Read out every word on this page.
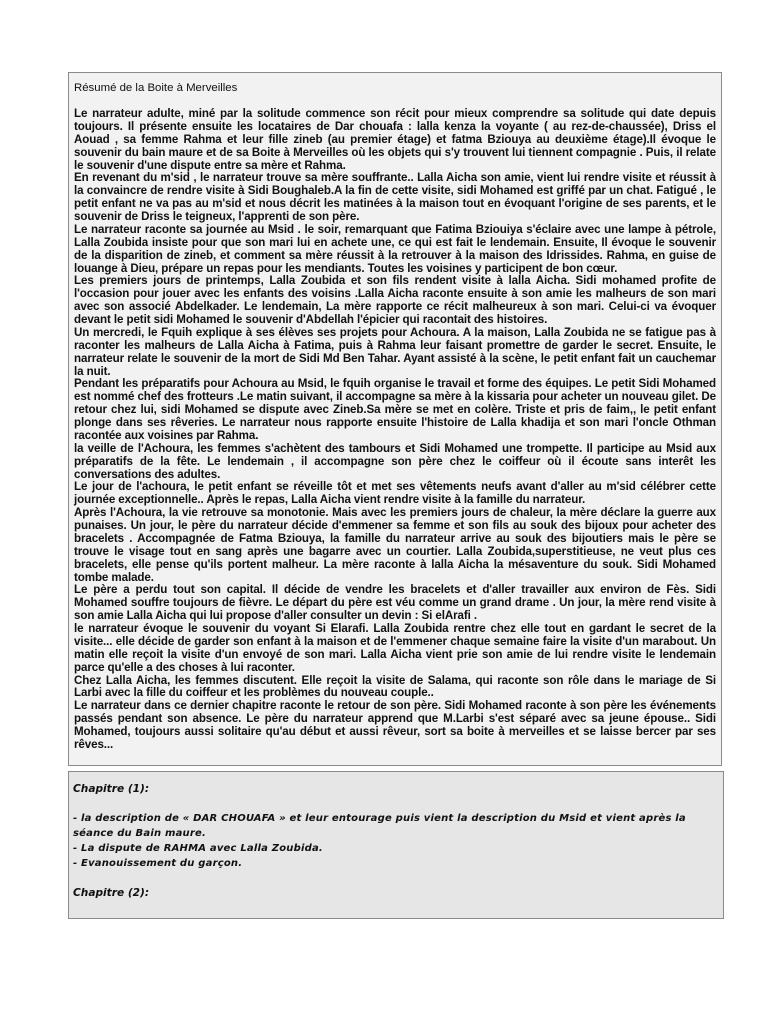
Résumé de la Boite à Merveilles

Le narrateur adulte, miné par la solitude commence son récit pour mieux comprendre sa solitude qui date depuis toujours. Il présente ensuite les locataires de Dar chouafa : lalla kenza la voyante ( au rez-de-chaussée), Driss el Aouad , sa femme Rahma et leur fille zineb (au premier étage) et fatma Bziouya au deuxième étage).Il évoque le souvenir du bain maure et de sa Boite à Merveilles où les objets qui s'y trouvent lui tiennent compagnie . Puis, il relate le souvenir d'une dispute entre sa mère et Rahma.

En revenant du m'sid , le narrateur trouve sa mère souffrante.. Lalla Aicha son amie, vient lui rendre visite et réussit à la convaincre de rendre visite à Sidi Boughaleb.A la fin de cette visite, sidi Mohamed est griffé par un chat. Fatigué , le petit enfant ne va pas au m'sid et nous décrit les matinées à la maison tout en évoquant l'origine de ses parents, et le souvenir de Driss le teigneux, l'apprenti de son père.

Le narrateur raconte sa journée au Msid . le soir, remarquant que Fatima Bziouiya s'éclaire avec une lampe à pétrole, Lalla Zoubida insiste pour que son mari lui en achete une, ce qui est fait le lendemain. Ensuite, Il évoque le souvenir de la disparition de zineb, et comment sa mère réussit à la retrouver à la maison des Idrissides. Rahma, en guise de louange à Dieu, prépare un repas pour les mendiants. Toutes les voisines y participent de bon cœur.

Les premiers jours de printemps, Lalla Zoubida et son fils rendent visite à lalla Aicha. Sidi mohamed profite de l'occasion pour jouer avec les enfants des voisins .Lalla Aicha raconte ensuite à son amie les malheurs de son mari avec son associé Abdelkader. Le lendemain, La mère rapporte ce récit malheureux à son mari. Celui-ci va évoquer devant le petit sidi Mohamed le souvenir d'Abdellah l'épicier qui racontait des histoires.

Un mercredi, le Fquih explique à ses élèves ses projets pour Achoura. A la maison, Lalla Zoubida ne se fatigue pas à raconter les malheurs de Lalla Aicha à Fatima, puis à Rahma leur faisant promettre de garder le secret. Ensuite, le narrateur relate le souvenir de la mort de Sidi Md Ben Tahar. Ayant assisté à la scène, le petit enfant fait un cauchemar la nuit.

Pendant les préparatifs pour Achoura au Msid, le fquih organise le travail et forme des équipes. Le petit Sidi Mohamed est nommé chef des frotteurs .Le matin suivant, il accompagne sa mère à la kissaria pour acheter un nouveau gilet. De retour chez lui, sidi Mohamed se dispute avec Zineb.Sa mère se met en colère. Triste et pris de faim,, le petit enfant plonge dans ses rêveries. Le narrateur nous rapporte ensuite l'histoire de Lalla khadija et son mari l'oncle Othman racontée aux voisines par Rahma.

la veille de l'Achoura, les femmes s'achètent des tambours et Sidi Mohamed une trompette. Il participe au Msid aux préparatifs de la fête. Le lendemain , il accompagne son père chez le coiffeur où il écoute sans interêt les conversations des adultes.

Le jour de l'achoura, le petit enfant se réveille tôt et met ses vêtements neufs avant d'aller au m'sid célébrer cette journée exceptionnelle.. Après le repas, Lalla Aicha vient rendre visite à la famille du narrateur.

Après l'Achoura, la vie retrouve sa monotonie. Mais avec les premiers jours de chaleur, la mère déclare la guerre aux punaises. Un jour, le père du narrateur décide d'emmener sa femme et son fils au souk des bijoux pour acheter des bracelets . Accompagnée de Fatma Bziouya, la famille du narrateur arrive au souk des bijoutiers mais le père se trouve le visage tout en sang après une bagarre avec un courtier. Lalla Zoubida,superstitieuse, ne veut plus ces bracelets, elle pense qu'ils portent malheur. La mère raconte à lalla Aicha la mésaventure du souk. Sidi Mohamed tombe malade.

Le père a perdu tout son capital. Il décide de vendre les bracelets et d'aller travailler aux environ de Fès. Sidi Mohamed souffre toujours de fièvre. Le départ du père est véu comme un grand drame . Un jour, la mère rend visite à son amie Lalla Aicha qui lui propose d'aller consulter un devin : Si elArafi .

le narrateur évoque le souvenir du voyant Si Elarafi. Lalla Zoubida rentre chez elle tout en gardant le secret de la visite... elle décide de garder son enfant à la maison et de l'emmener chaque semaine faire la visite d'un marabout. Un matin elle reçoit la visite d'un envoyé de son mari. Lalla Aicha vient prie son amie de lui rendre visite le lendemain parce qu'elle a des choses à lui raconter.

Chez Lalla Aicha, les femmes discutent. Elle reçoit la visite de Salama, qui raconte son rôle dans le mariage de Si Larbi avec la fille du coiffeur et les problèmes du nouveau couple..

Le narrateur dans ce dernier chapitre raconte le retour de son père. Sidi Mohamed raconte à son père les événements passés pendant son absence. Le père du narrateur apprend que M.Larbi s'est séparé avec sa jeune épouse.. Sidi Mohamed, toujours aussi solitaire qu'au début et aussi rêveur, sort sa boite à merveilles et se laisse bercer par ses rêves...

Chapitre (1):

- la description de « DAR CHOUAFA » et leur entourage puis vient la description du Msid et vient après la séance du Bain maure.

- La dispute de RAHMA avec Lalla Zoubida.

- Evanouissement du garçon.

Chapitre (2):
